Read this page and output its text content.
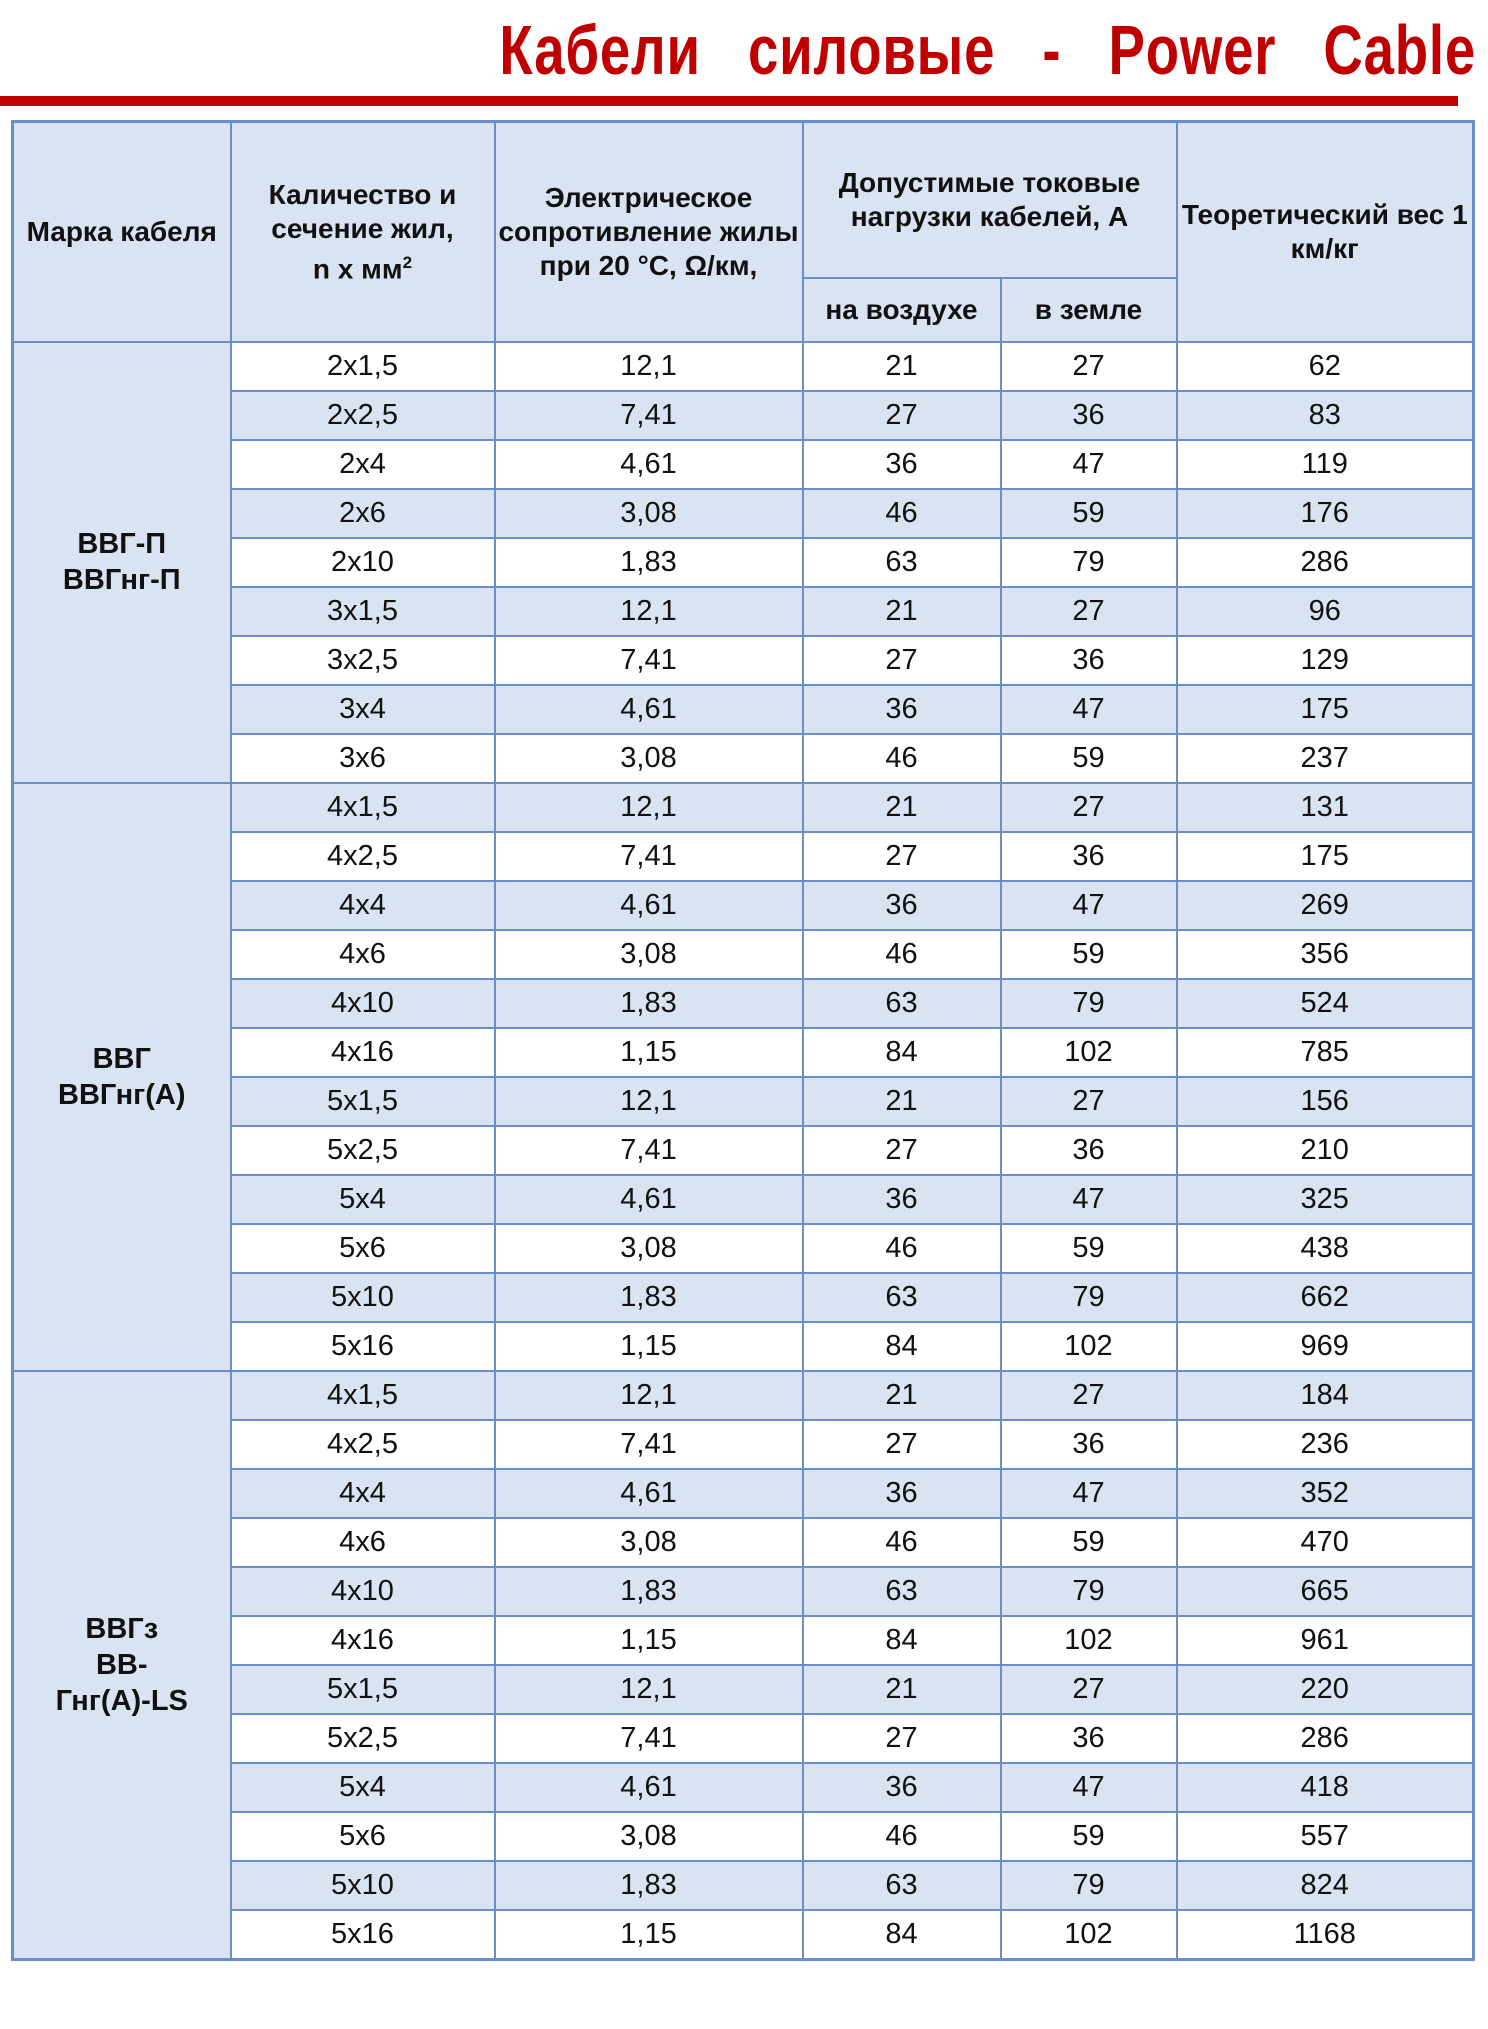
Кабели силовые - Power Cable
Марка кабеля	Каличество и сечение жил,
n x $мм^2$	Электрическое сопротивление жилы при 20 °С, Ω/км,	Допустимые токовые нагрузки кабелей, А		Теоретический вес 1 км/кг
			на воздухе	в земле	
ВВГ-П
ВВГнг-П	2x1,5	12,1	21	27	62
	2x2,5	7,41	27	36	83
	2x4	4,61	36	47	119
	2x6	3,08	46	59	176
	2x10	1,83	63	79	286
	3x1,5	12,1	21	27	96
	3x2,5	7,41	27	36	129
	3x4	4,61	36	47	175
	3x6	3,08	46	59	237
ВВГ
ВВГнг(А)	4x1,5	12,1	21	27	131
	4x2,5	7,41	27	36	175
	4x4	4,61	36	47	269
	4x6	3,08	46	59	356
	4x10	1,83	63	79	524
	4x16	1,15	84	102	785
	5x1,5	12,1	21	27	156
	5x2,5	7,41	27	36	210
	5x4	4,61	36	47	325
	5x6	3,08	46	59	438
	5x10	1,83	63	79	662
	5x16	1,15	84	102	969
ВВГз
ВВ-
Гнг(А)-LS	4x1,5	12,1	21	27	184
	4x2,5	7,41	27	36	236
	4x4	4,61	36	47	352
	4x6	3,08	46	59	470
	4x10	1,83	63	79	665
	4x16	1,15	84	102	961
	5x1,5	12,1	21	27	220
	5x2,5	7,41	27	36	286
	5x4	4,61	36	47	418
	5x6	3,08	46	59	557
	5x10	1,83	63	79	824
	5x16	1,15	84	102	1168
